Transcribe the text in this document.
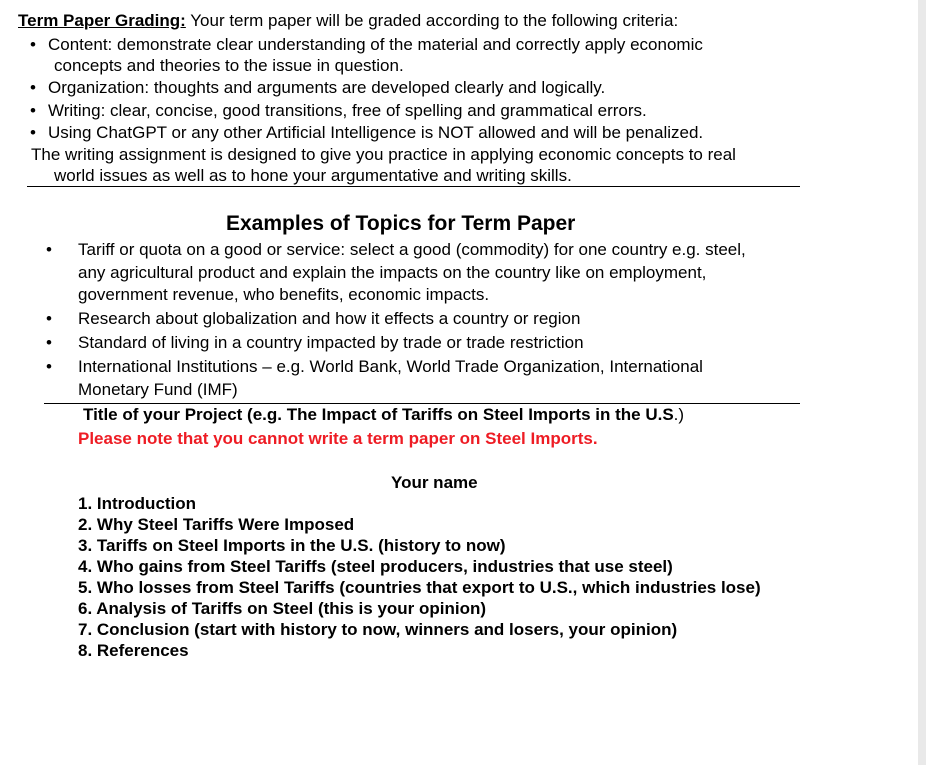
Term Paper Grading: Your term paper will be graded according to the following criteria:
• Content: demonstrate clear understanding of the material and correctly apply economic
concepts and theories to the issue in question.
• Organization: thoughts and arguments are developed clearly and logically.
• Writing: clear, concise, good transitions, free of spelling and grammatical errors.
• Using ChatGPT or any other Artificial Intelligence is NOT allowed and will be penalized.
The writing assignment is designed to give you practice in applying economic concepts to real
world issues as well as to hone your argumentative and writing skills.
Examples of Topics for Term Paper
•	Tariff or quota on a good or service: select a good (commodity) for one country e.g. steel, any agricultural product and explain the impacts on the country like on employment, government revenue, who benefits, economic impacts.
•	Research about globalization and how it effects a country or region
•	Standard of living in a country impacted by trade or trade restriction
•	International Institutions – e.g. World Bank, World Trade Organization, International Monetary Fund (IMF)
Title of your Project (e.g. The Impact of Tariffs on Steel Imports in the U.S.)
Please note that you cannot write a term paper on Steel Imports.
Your name
1. Introduction
2. Why Steel Tariffs Were Imposed
3. Tariffs on Steel Imports in the U.S. (history to now)
4. Who gains from Steel Tariffs (steel producers, industries that use steel)
5. Who losses from Steel Tariffs (countries that export to U.S., which industries lose)
6. Analysis of Tariffs on Steel (this is your opinion)
7. Conclusion (start with history to now, winners and losers, your opinion)
8. References
